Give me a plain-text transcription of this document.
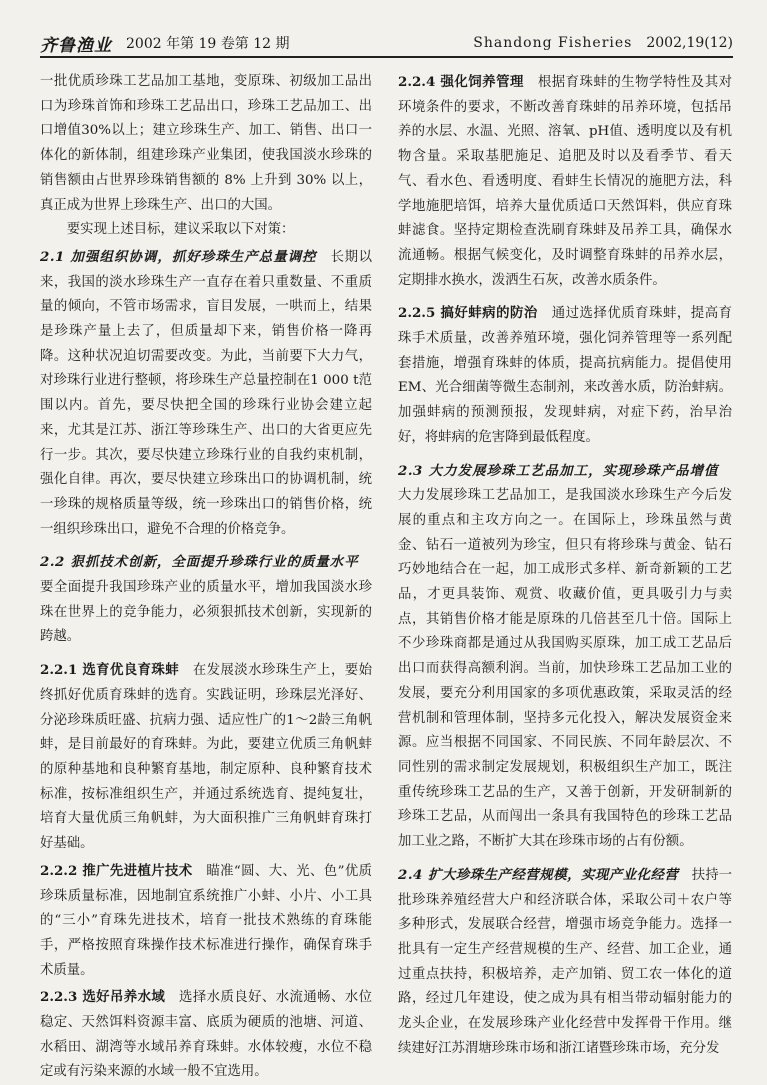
齐鲁渔业 2002 年第 19 卷第 12 期	Shandong Fisheries 2002,19(12)

一批优质珍珠工艺品加工基地，变原珠、初级加工品出口为珍珠首饰和珍珠工艺品出口，珍珠工艺品加工、出口增值30%以上；建立珍珠生产、加工、销售、出口一体化的新体制，组建珍珠产业集团，使我国淡水珍珠的销售额由占世界珍珠销售额的 8% 上升到 30% 以上，真正成为世界上珍珠生产、出口的大国。

要实现上述目标，建议采取以下对策：

2.1 加强组织协调，抓好珍珠生产总量调控  长期以来，我国的淡水珍珠生产一直存在着只重数量、不重质量的倾向，不管市场需求，盲目发展，一哄而上，结果是珍珠产量上去了，但质量却下来，销售价格一降再降。这种状况迫切需要改变。为此，当前要下大力气，对珍珠行业进行整顿，将珍珠生产总量控制在1 000 t范围以内。首先，要尽快把全国的珍珠行业协会建立起来，尤其是江苏、浙江等珍珠生产、出口的大省更应先行一步。其次，要尽快建立珍珠行业的自我约束机制，强化自律。再次，要尽快建立珍珠出口的协调机制，统一珍珠的规格质量等级，统一珍珠出口的销售价格，统一组织珍珠出口，避免不合理的价格竞争。

2.2 狠抓技术创新，全面提升珍珠行业的质量水平 要全面提升我国珍珠产业的质量水平，增加我国淡水珍珠在世界上的竞争能力，必须狠抓技术创新，实现新的跨越。

2.2.1 选育优良育珠蚌  在发展淡水珍珠生产上，要始终抓好优质育珠蚌的选育。实践证明，珍珠层光泽好、分泌珍珠质旺盛、抗病力强、适应性广的1～2龄三角帆蚌，是目前最好的育珠蚌。为此，要建立优质三角帆蚌的原种基地和良种繁育基地，制定原种、良种繁育技术标准，按标准组织生产，并通过系统选育、提纯复壮，培育大量优质三角帆蚌，为大面积推广三角帆蚌育珠打好基础。

2.2.2 推广先进植片技术  瞄准“圆、大、光、色”优质珍珠质量标准，因地制宜系统推广小蚌、小片、小工具的“三小”育珠先进技术，培育一批技术熟练的育珠能手，严格按照育珠操作技术标准进行操作，确保育珠手术质量。

2.2.3 选好吊养水域  选择水质良好、水流通畅、水位稳定、天然饵料资源丰富、底质为硬质的池塘、河道、水稻田、湖湾等水域吊养育珠蚌。水体较瘦，水位不稳定或有污染来源的水域一般不宜选用。

2.2.4 强化饲养管理  根据育珠蚌的生物学特性及其对环境条件的要求，不断改善育珠蚌的吊养环境，包括吊养的水层、水温、光照、溶氧、pH值、透明度以及有机物含量。采取基肥施足、追肥及时以及看季节、看天气、看水色、看透明度、看蚌生长情况的施肥方法，科学地施肥培饵，培养大量优质适口天然饵料，供应育珠蚌滤食。坚持定期检查洗刷育珠蚌及吊养工具，确保水流通畅。根据气候变化，及时调整育珠蚌的吊养水层，定期排水换水，泼洒生石灰，改善水质条件。

2.2.5 搞好蚌病的防治  通过选择优质育珠蚌，提高育珠手术质量，改善养殖环境，强化饲养管理等一系列配套措施，增强育珠蚌的体质，提高抗病能力。提倡使用EM、光合细菌等微生态制剂，来改善水质，防治蚌病。加强蚌病的预测预报，发现蚌病，对症下药，治早治好，将蚌病的危害降到最低程度。

2.3 大力发展珍珠工艺品加工，实现珍珠产品增值 大力发展珍珠工艺品加工，是我国淡水珍珠生产今后发展的重点和主攻方向之一。在国际上，珍珠虽然与黄金、钻石一道被列为珍宝，但只有将珍珠与黄金、钻石巧妙地结合在一起，加工成形式多样、新奇新颖的工艺品，才更具装饰、观赏、收藏价值，更具吸引力与卖点，其销售价格才能是原珠的几倍甚至几十倍。国际上不少珍珠商都是通过从我国购买原珠，加工成工艺品后出口而获得高额利润。当前，加快珍珠工艺品加工业的发展，要充分利用国家的多项优惠政策，采取灵活的经营机制和管理体制，坚持多元化投入，解决发展资金来源。应当根据不同国家、不同民族、不同年龄层次、不同性别的需求制定发展规划，积极组织生产加工，既注重传统珍珠工艺品的生产，又善于创新，开发研制新的珍珠工艺品，从而闯出一条具有我国特色的珍珠工艺品加工业之路，不断扩大其在珍珠市场的占有份额。

2.4 扩大珍珠生产经营规模，实现产业化经营  扶持一批珍珠养殖经营大户和经济联合体，采取公司＋农户等多种形式，发展联合经营，增强市场竞争能力。选择一批具有一定生产经营规模的生产、经营、加工企业，通过重点扶持，积极培养，走产加销、贸工农一体化的道路，经过几年建设，使之成为具有相当带动辐射能力的龙头企业，在发展珍珠产业化经营中发挥骨干作用。继续建好江苏渭塘珍珠市场和浙江诸暨珍珠市场，充分发
